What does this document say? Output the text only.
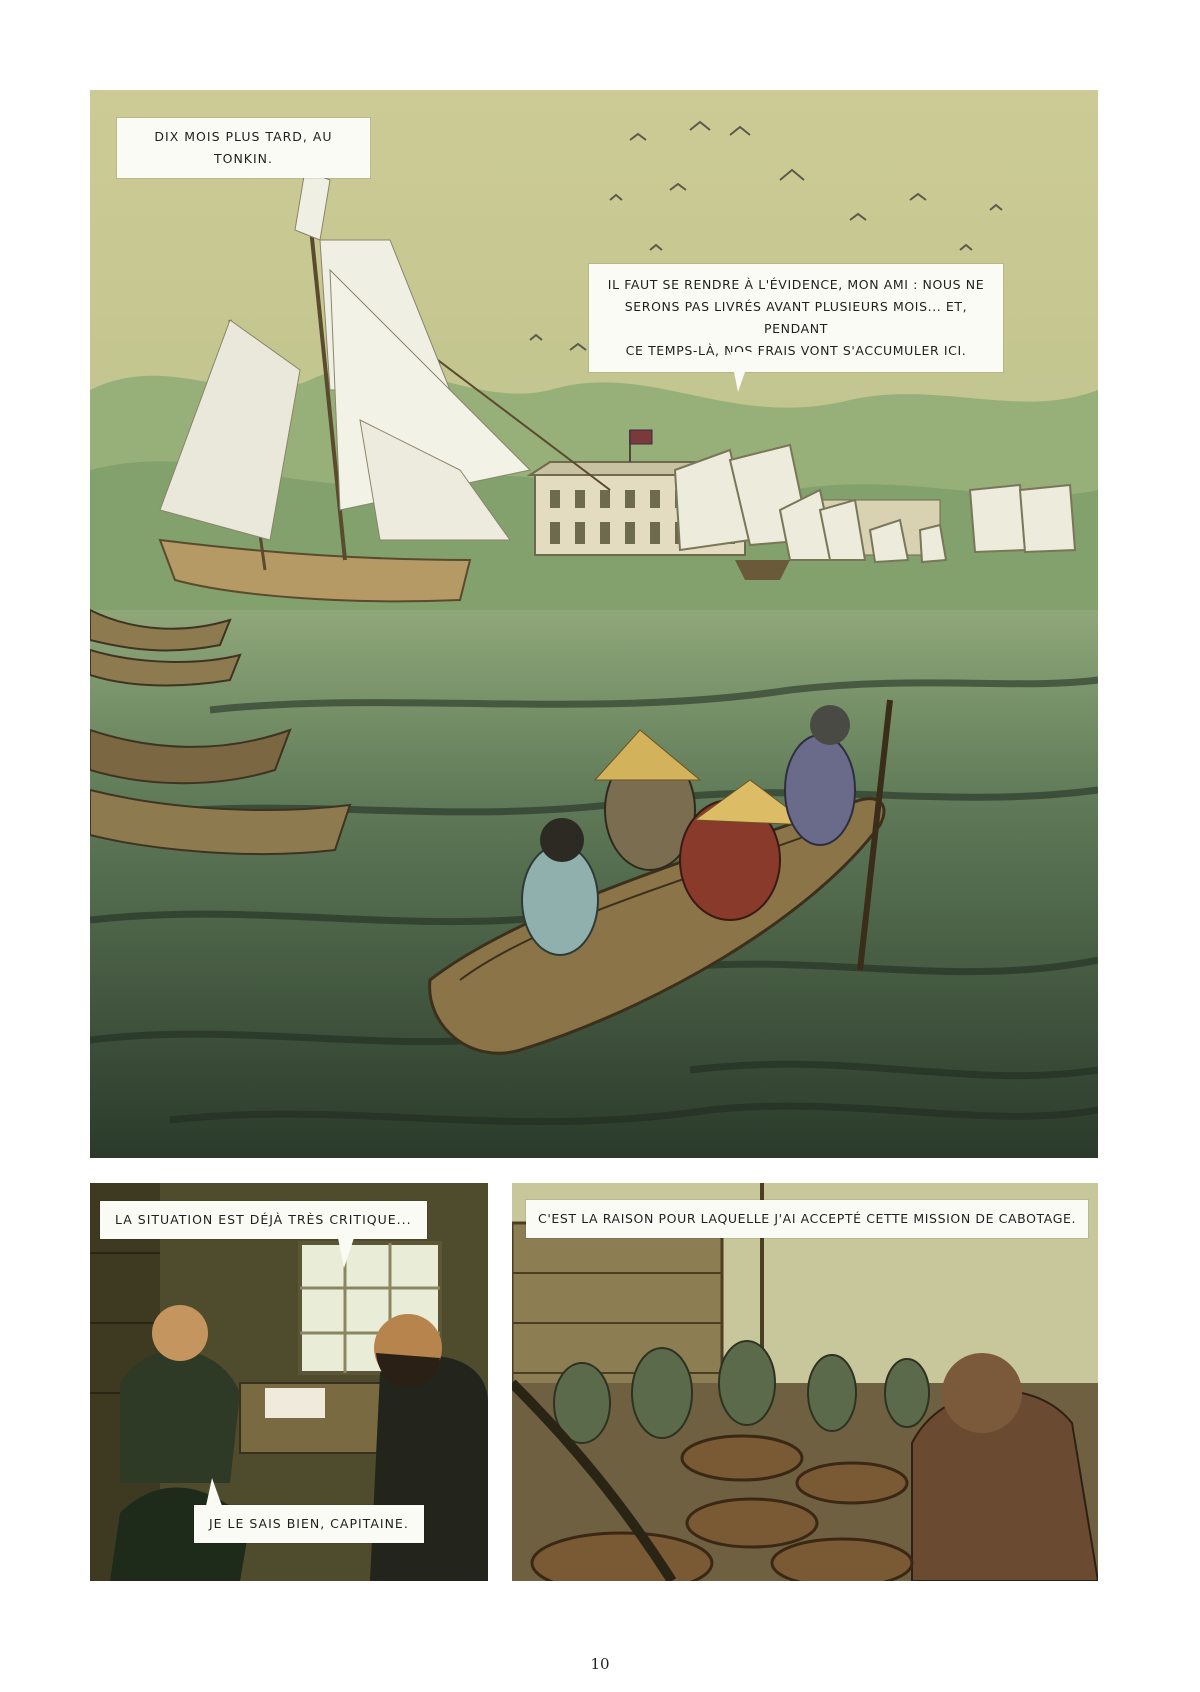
DIX MOIS PLUS TARD, AU TONKIN.
IL FAUT SE RENDRE À L'ÉVIDENCE, MON AMI : NOUS NE
SERONS PAS LIVRÉS AVANT PLUSIEURS MOIS... ET, PENDANT
CE TEMPS-LÀ, NOS FRAIS VONT S'ACCUMULER ICI.
LA SITUATION EST DÉJÀ TRÈS CRITIQUE...
JE LE SAIS BIEN, CAPITAINE.
C'EST LA RAISON POUR LAQUELLE J'AI ACCEPTÉ CETTE MISSION DE CABOTAGE.
10
